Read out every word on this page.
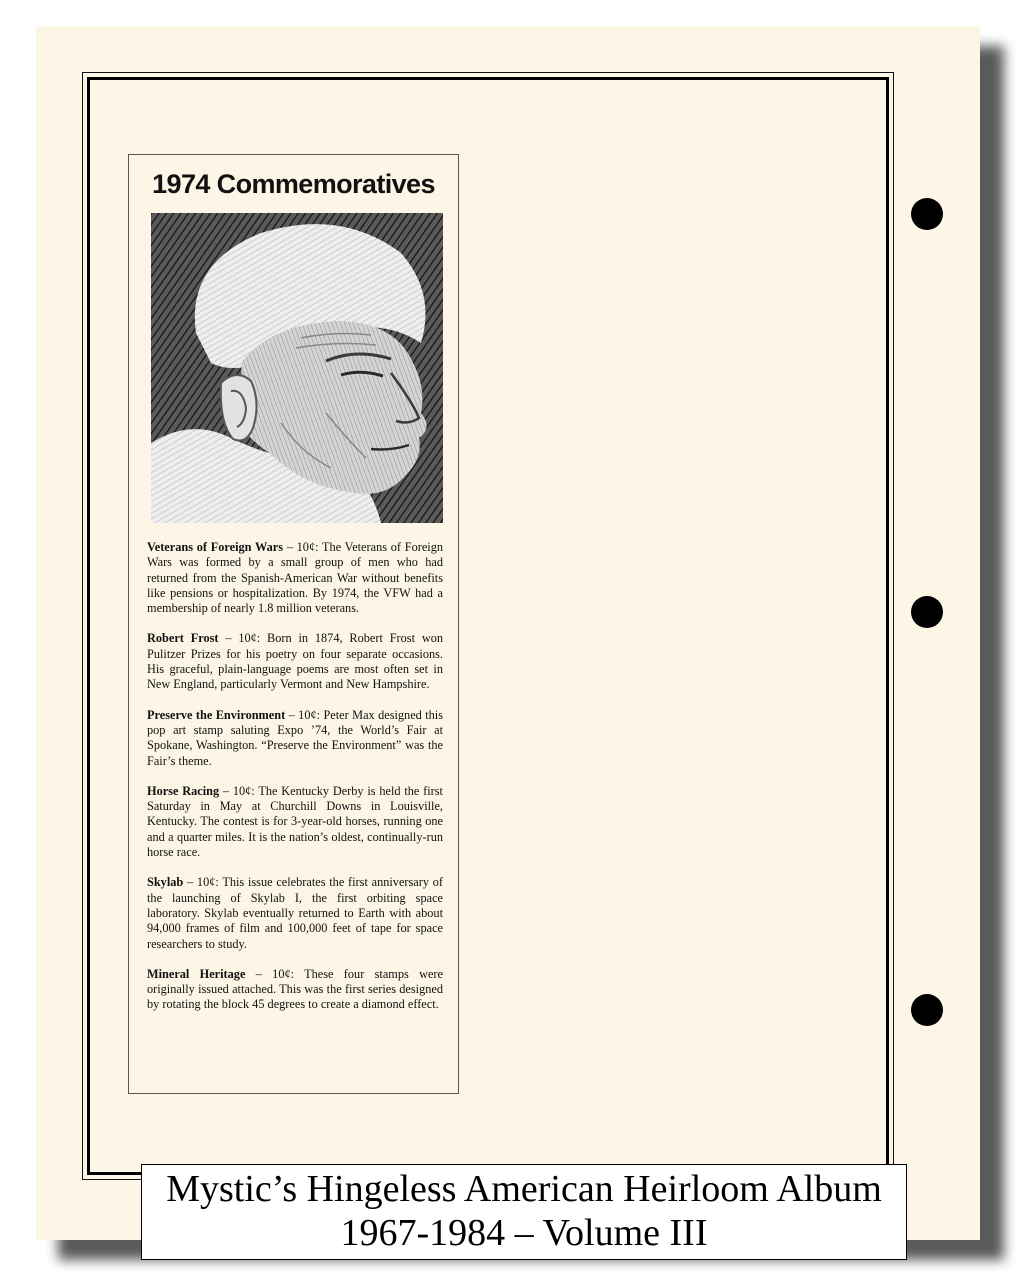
1974 Commemoratives

Veterans of Foreign Wars – 10¢: The Veterans of Foreign Wars was formed by a small group of men who had returned from the Spanish-American War without benefits like pensions or hospitalization. By 1974, the VFW had a membership of nearly 1.8 million veterans.

Robert Frost – 10¢: Born in 1874, Robert Frost won Pulitzer Prizes for his poetry on four separate occasions. His graceful, plain-language poems are most often set in New England, particularly Vermont and New Hampshire.

Preserve the Environment – 10¢: Peter Max designed this pop art stamp saluting Expo ’74, the World’s Fair at Spokane, Washington. “Preserve the Environment” was the Fair’s theme.

Horse Racing – 10¢: The Kentucky Derby is held the first Saturday in May at Churchill Downs in Louisville, Kentucky. The contest is for 3-year-old horses, running one and a quarter miles. It is the nation’s oldest, continually-run horse race.

Skylab – 10¢: This issue celebrates the first anniversary of the launching of Skylab I, the first orbiting space laboratory. Skylab eventually returned to Earth with about 94,000 frames of film and 100,000 feet of tape for space researchers to study.

Mineral Heritage – 10¢: These four stamps were originally issued attached. This was the first series designed by rotating the block 45 degrees to create a diamond effect.

Mystic’s Hingeless American Heirloom Album
1967-1984 – Volume III
